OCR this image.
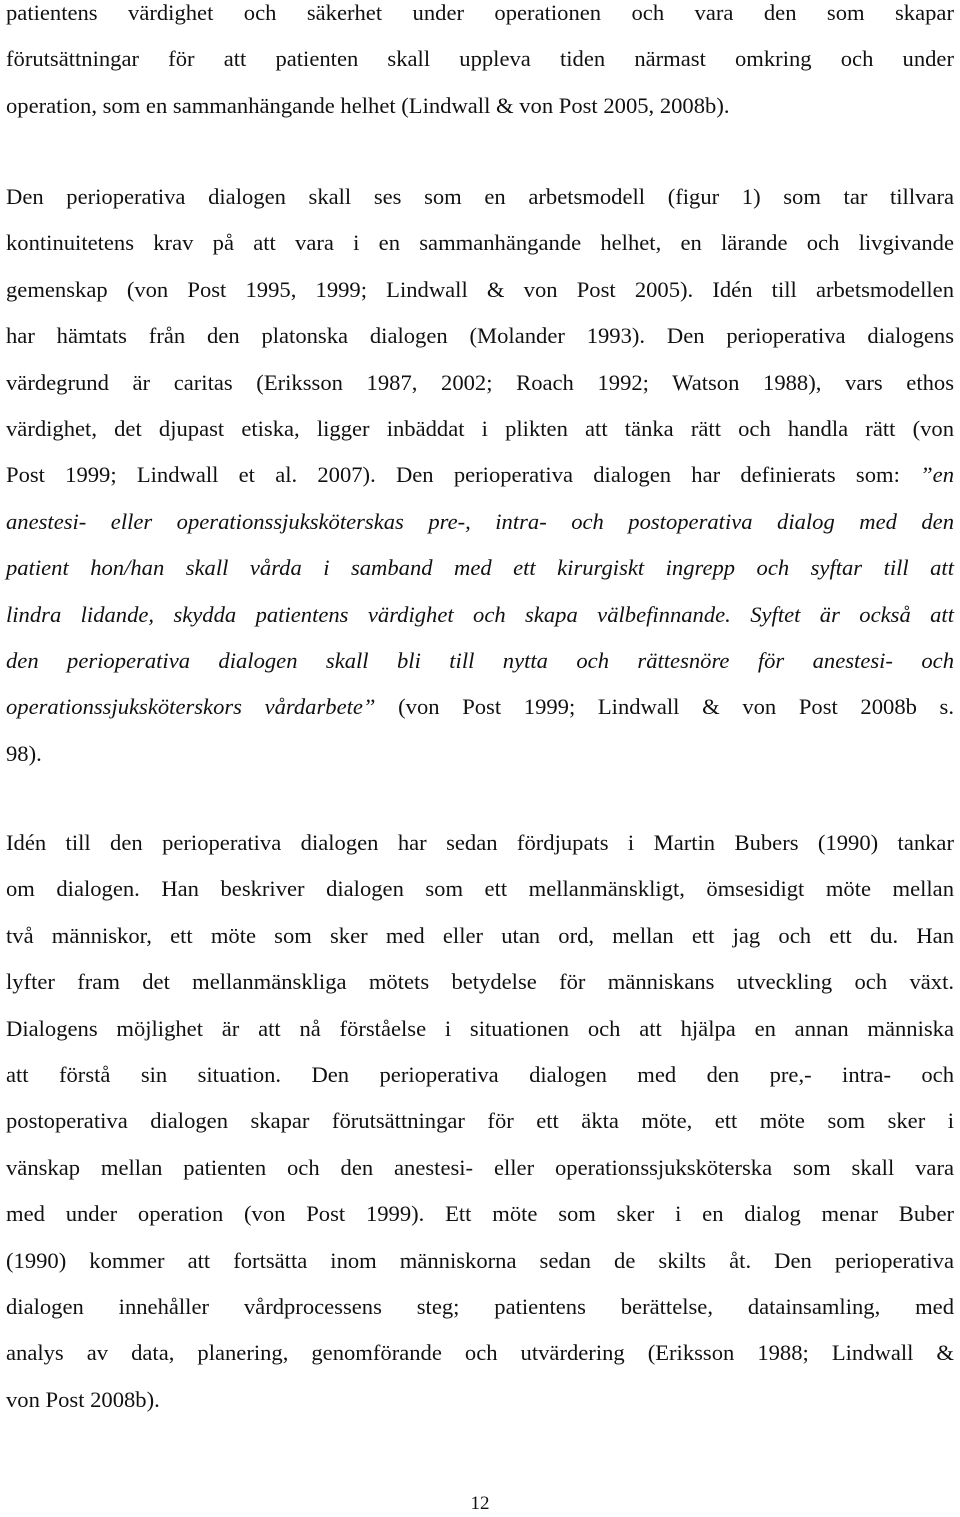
patientens värdighet och säkerhet under operationen och vara den som skapar
förutsättningar för att patienten skall uppleva tiden närmast omkring och under
operation, som en sammanhängande helhet (Lindwall & von Post 2005, 2008b).

Den perioperativa dialogen skall ses som en arbetsmodell (figur 1) som tar tillvara
kontinuitetens krav på att vara i en sammanhängande helhet, en lärande och livgivande
gemenskap (von Post 1995, 1999; Lindwall & von Post 2005). Idén till arbetsmodellen
har hämtats från den platonska dialogen (Molander 1993). Den perioperativa dialogens
värdegrund är caritas (Eriksson 1987, 2002; Roach 1992; Watson 1988), vars ethos
värdighet, det djupast etiska, ligger inbäddat i plikten att tänka rätt och handla rätt (von
Post 1999; Lindwall et al. 2007). Den perioperativa dialogen har definierats som: ”en
anestesi- eller operationssjuksköterskas pre-, intra- och postoperativa dialog med den
patient hon/han skall vårda i samband med ett kirurgiskt ingrepp och syftar till att
lindra lidande, skydda patientens värdighet och skapa välbefinnande. Syftet är också att
den perioperativa dialogen skall bli till nytta och rättesnöre för anestesi- och
operationssjuksköterskors vårdarbete” (von Post 1999; Lindwall & von Post 2008b s.
98).

Idén till den perioperativa dialogen har sedan fördjupats i Martin Bubers (1990) tankar
om dialogen. Han beskriver dialogen som ett mellanmänskligt, ömsesidigt möte mellan
två människor, ett möte som sker med eller utan ord, mellan ett jag och ett du. Han
lyfter fram det mellanmänskliga mötets betydelse för människans utveckling och växt.
Dialogens möjlighet är att nå förståelse i situationen och att hjälpa en annan människa
att förstå sin situation. Den perioperativa dialogen med den pre,- intra- och
postoperativa dialogen skapar förutsättningar för ett äkta möte, ett möte som sker i
vänskap mellan patienten och den anestesi- eller operationssjuksköterska som skall vara
med under operation (von Post 1999). Ett möte som sker i en dialog menar Buber
(1990) kommer att fortsätta inom människorna sedan de skilts åt. Den perioperativa
dialogen innehåller vårdprocessens steg; patientens berättelse, datainsamling, med
analys av data, planering, genomförande och utvärdering (Eriksson 1988; Lindwall &
von Post 2008b).

12
